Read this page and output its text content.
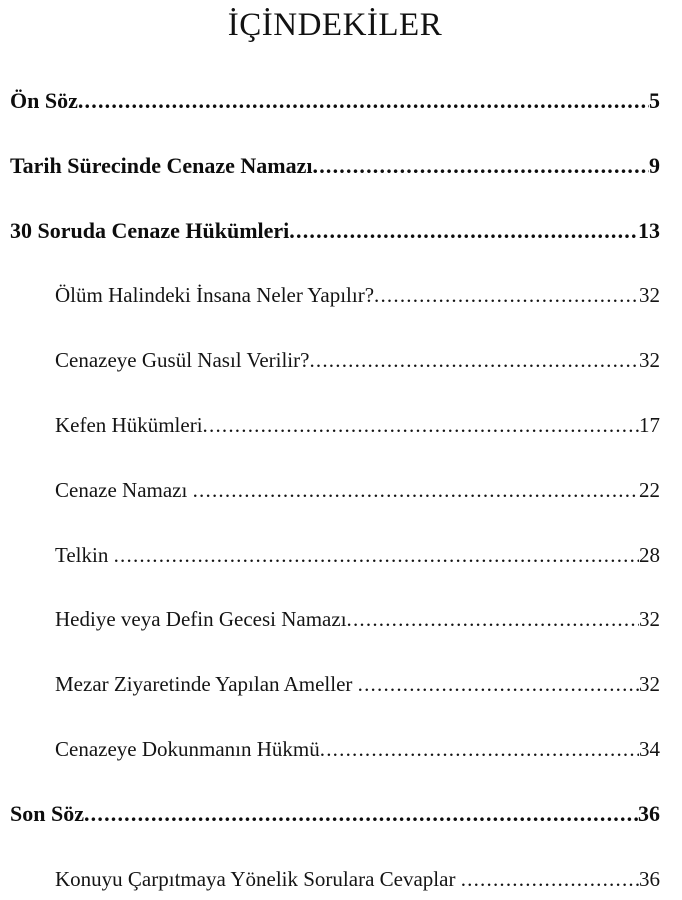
İÇİNDEKİLER
Ön Söz .....	5
Tarih Sürecinde Cenaze Namazı .....	9
30 Soruda Cenaze Hükümleri .....	13
Ölüm Halindeki İnsana Neler Yapılır? .....	32
Cenazeye Gusül Nasıl Verilir? .....	32
Kefen Hükümleri .....	17
Cenaze Namazı .....	22
Telkin .....	28
Hediye veya Defin Gecesi Namazı .....	32
Mezar Ziyaretinde Yapılan Ameller .....	32
Cenazeye Dokunmanın Hükmü .....	34
Son Söz .....	36
Konuyu Çarpıtmaya Yönelik Sorulara Cevaplar .....	36
